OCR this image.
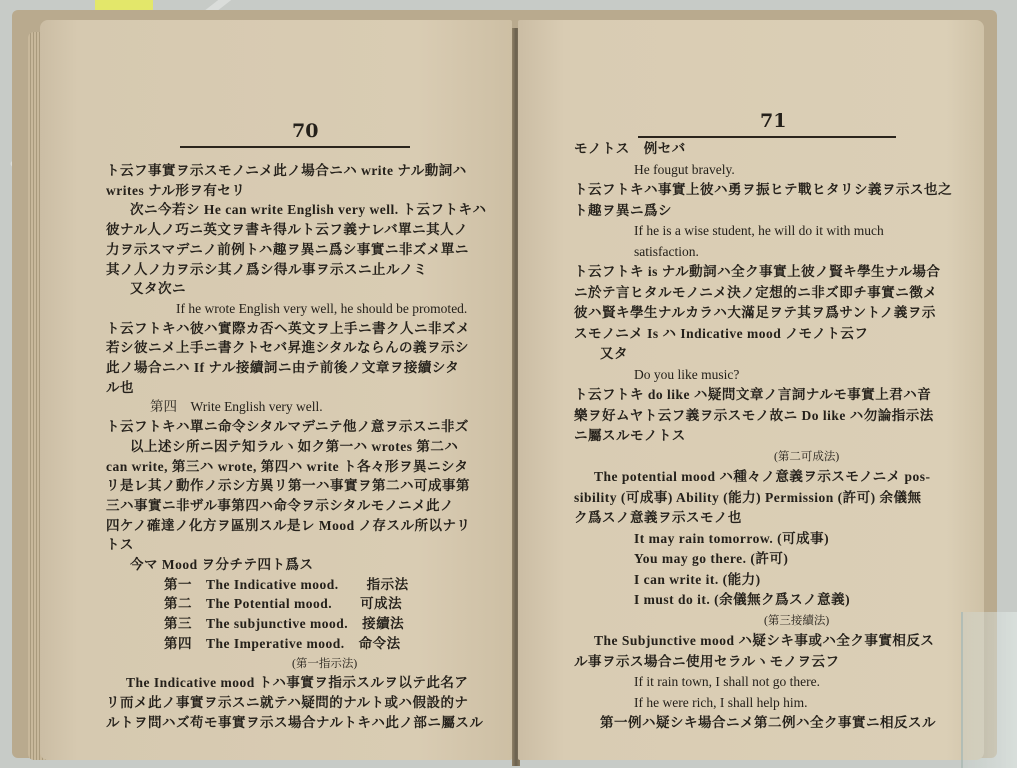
70
ト云フ事實ヲ示スモノニメ此ノ場合ニハ write ナル動詞ハ
writes ナル形ヲ有セリ
次ニ今若シ He can write English very well. ト云フトキハ
彼ナル人ノ巧ニ英文ヲ書キ得ルト云フ義ナレバ單ニ其人ノ
力ヲ示スマデニノ前例トハ趣ヲ異ニ爲シ事實ニ非ズメ單ニ
其ノ人ノ力ヲ示シ其ノ爲シ得ル事ヲ示スニ止ルノミ
又タ次ニ
If he wrote English very well, he should be promoted.
ト云フトキハ彼ハ實際カ否ヘ英文ヲ上手ニ書ク人ニ非ズメ
若シ彼ニメ上手ニ書クトセバ昇進シタルならんの義ヲ示シ
此ノ場合ニハ If ナル接續詞ニ由テ前後ノ文章ヲ接續シタ
ル也
第四　Write English very well.
ト云フトキハ單ニ命令シタルマデニテ他ノ意ヲ示スニ非ズ
以上述シ所ニ因テ知ラルヽ如ク第一ハ wrotes 第二ハ
can write, 第三ハ wrote, 第四ハ write ト各々形ヲ異ニシタ
リ是レ其ノ動作ノ示シ方異リ第一ハ事實ヲ第二ハ可成事第
三ハ事實ニ非ザル事第四ハ命令ヲ示シタルモノニメ此ノ
四ケノ確達ノ化方ヲ區別スル是レ Mood ノ存スル所以ナリ
トス
今マ Mood ヲ分チテ四ト爲ス
第一　The Indicative mood.　　指示法
第二　The Potential mood.　　可成法
第三　The subjunctive mood.　接續法
第四　The Imperative mood.　命令法
(第一指示法)
The Indicative mood トハ事實ヲ指示スルヲ以テ此名ア
リ而メ此ノ事實ヲ示スニ就テハ疑問的ナルト或ハ假設的ナ
ルトヲ問ハズ苟モ事實ヲ示ス場合ナルトキハ此ノ部ニ屬スル
71
モノトス　例セバ
He fougut bravely.
ト云フトキハ事實上彼ハ勇ヲ振ヒテ戰ヒタリシ義ヲ示ス也之
ト趣ヲ異ニ爲シ
If he is a wise student, he will do it with much
satisfaction.
ト云フトキ is ナル動詞ハ全ク事實上彼ノ賢キ學生ナル場合
ニ於テ言ヒタルモノニメ決ノ定想的ニ非ズ即チ事實ニ徴メ
彼ハ賢キ學生ナルカラハ大滿足ヲテ其ヲ爲サントノ義ヲ示
スモノニメ Is ハ Indicative mood ノモノト云フ
又タ
Do you like music?
ト云フトキ do like ハ疑問文章ノ言詞ナルモ事實上君ハ音
樂ヲ好ムヤト云フ義ヲ示スモノ故ニ Do like ハ勿論指示法
ニ屬スルモノトス
(第二可成法)
The potential mood ハ種々ノ意義ヲ示スモノニメ pos-
sibility (可成事) Ability (能力) Permission (許可) 余儀無
ク爲スノ意義ヲ示スモノ也
It may rain tomorrow. (可成事)
You may go there. (許可)
I can write it. (能力)
I must do it. (余儀無ク爲スノ意義)
(第三接續法)
The Subjunctive mood ハ疑シキ事或ハ全ク事實相反ス
ル事ヲ示ス場合ニ使用セラルヽモノヲ云フ
If it rain town, I shall not go there.
If he were rich, I shall help him.
第一例ハ疑シキ場合ニメ第二例ハ全ク事實ニ相反スル
